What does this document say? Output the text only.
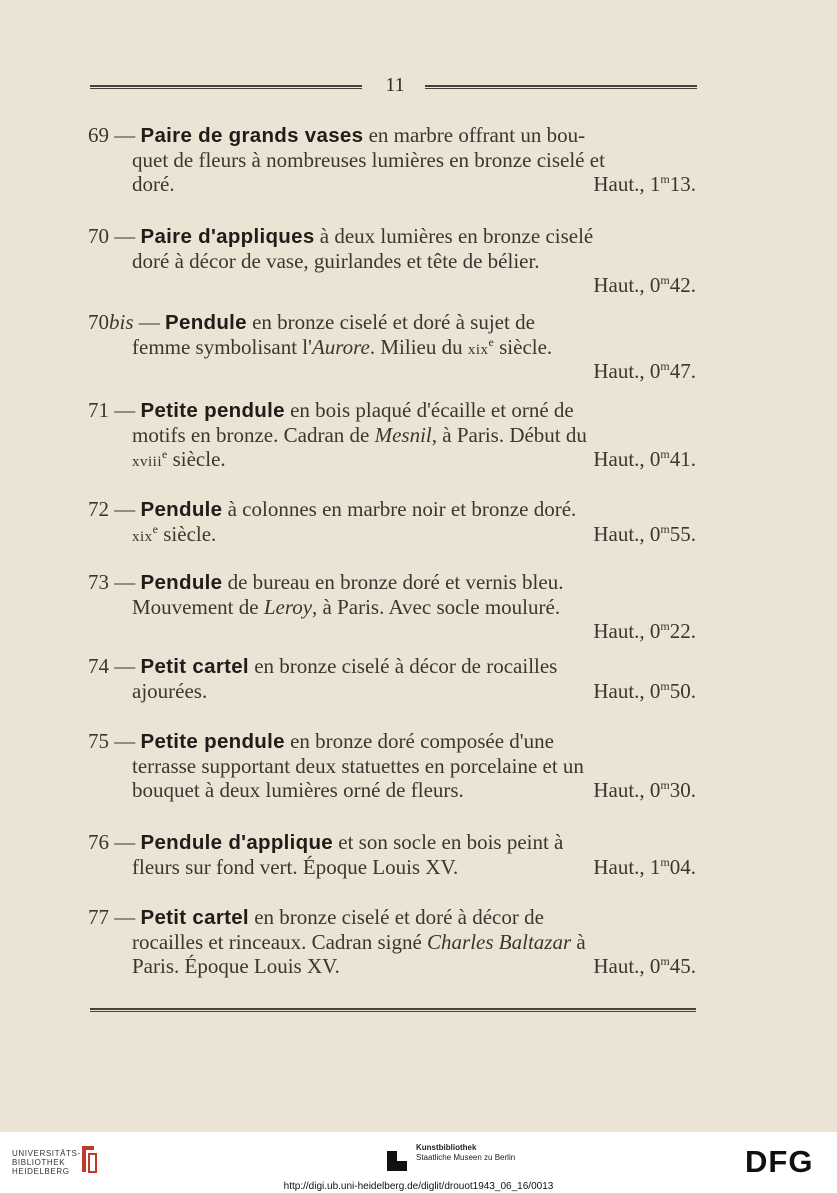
11
69 — Paire de grands vases en marbre offrant un bou-
quet de fleurs à nombreuses lumières en bronze ciselé et
doré.	Haut., 1$^m$13.
70 — Paire d'appliques à deux lumières en bronze ciselé
doré à décor de vase, guirlandes et tête de bélier.
Haut., 0$^m$42.
70bis — Pendule en bronze ciselé et doré à sujet de
femme symbolisant l'Aurore. Milieu du xix$^e$ siècle.
Haut., 0$^m$47.
71 — Petite pendule en bois plaqué d'écaille et orné de
motifs en bronze. Cadran de Mesnil, à Paris. Début du
xviii$^e$ siècle.	Haut., 0$^m$41.
72 — Pendule à colonnes en marbre noir et bronze doré.
xix$^e$ siècle.	Haut., 0$^m$55.
73 — Pendule de bureau en bronze doré et vernis bleu.
Mouvement de Leroy, à Paris. Avec socle mouluré.
Haut., 0$^m$22.
74 — Petit cartel en bronze ciselé à décor de rocailles
ajourées.	Haut., 0$^m$50.
75 — Petite pendule en bronze doré composée d'une
terrasse supportant deux statuettes en porcelaine et un
bouquet à deux lumières orné de fleurs.	Haut., 0$^m$30.
76 — Pendule d'applique et son socle en bois peint à
fleurs sur fond vert. Époque Louis XV.	Haut., 1$^m$04.
77 — Petit cartel en bronze ciselé et doré à décor de
rocailles et rinceaux. Cadran signé Charles Baltazar à
Paris. Époque Louis XV.	Haut., 0$^m$45.
UNIVERSITÄTS-
BIBLIOTHEK
HEIDELBERG
Kunstbibliothek
Staatliche Museen zu Berlin	DFG
http://digi.ub.uni-heidelberg.de/diglit/drouot1943_06_16/0013
